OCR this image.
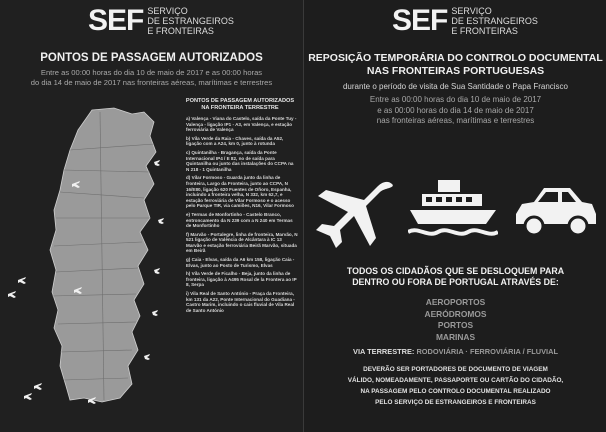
SEF SERVIÇO
DE ESTRANGEIROS
E FRONTEIRAS
PONTOS DE PASSAGEM AUTORIZADOS
Entre as 00:00 horas do dia 10 de maio de 2017 e as 00:00 horas
do dia 14 de maio de 2017 nas fronteiras aéreas, marítimas e terrestres
PONTOS DE PASSAGEM AUTORIZADOS NA FRONTEIRA TERRESTRE

a) Valença - Viana do Castelo, saída da Ponte Tuy - Valença - ligação IP1 - A3, em Valença, e estação ferroviária de Valença

b) Vila Verde da Raia - Chaves, saída da A52, ligação com a A24, km 0, junto à rotunda

c) Quintanilha - Bragança, saída da Ponte Internacional IP4 / E 82, no de saída para Quintanilha ou junto das instalações do CCPA na N 218 - 1 Quintanilha

d) Vilar Formoso - Guarda junto da linha de fronteira, Largo da Fronteira, junto ao CCPA, N 16/E80, ligação 620 Fuentes de Oñoro, Espanha, incluindo a fronteira velha, N 332, km 62,7, e estação ferroviária de Vilar Formoso e o acesso pelo Parque TIR, via camiões, N16, Vilar Formoso

e) Termas de Monfortinho - Castelo Branco, entroncamento da N 239 com a N 240 em Termas de Monfortinho

f) Marvão - Portalegre, linha de fronteira, Marvão, N 521 ligação de Valência de Alcântara à IC 13 Marvão e estação ferroviária Beirã Marvão, situada em Beirã

g) Caia - Elvas, saída da A6 km 158, ligação Caia - Elvas, junto ao Posto de Turismo, Elvas

h) Vila Verde de Ficalho - Beja, junto da linha de fronteira, ligação à A495 Rosal de la Frontera ao IP 8, Serpa

i) Vila Real de Santo António - Praça da Fronteira, km 131 da A22, Ponte Internacional do Guadiana - Castro Marim, incluindo o cais fluvial de Vila Real de Santo António

SEF SERVIÇO
DE ESTRANGEIROS
E FRONTEIRAS
REPOSIÇÃO TEMPORÁRIA DO CONTROLO DOCUMENTAL
NAS FRONTEIRAS PORTUGUESAS
durante o período de visita de Sua Santidade o Papa Francisco
Entre as 00:00 horas do dia 10 de maio de 2017
e as 00:00 horas do dia 14 de maio de 2017
nas fronteiras aéreas, marítimas e terrestres
TODOS OS CIDADÃOS QUE SE DESLOQUEM PARA
DENTRO OU FORA DE PORTUGAL ATRAVÉS DE:
AEROPORTOS
AERÓDROMOS
PORTOS
MARINAS
VIA TERRESTRE: RODOVIÁRIA · FERROVIÁRIA / FLUVIAL
DEVERÃO SER PORTADORES DE DOCUMENTO DE VIAGEM
VÁLIDO, NOMEADAMENTE, PASSAPORTE OU CARTÃO DO CIDADÃO,
NA PASSAGEM PELO CONTROLO DOCUMENTAL REALIZADO
PELO SERVIÇO DE ESTRANGEIROS E FRONTEIRAS
